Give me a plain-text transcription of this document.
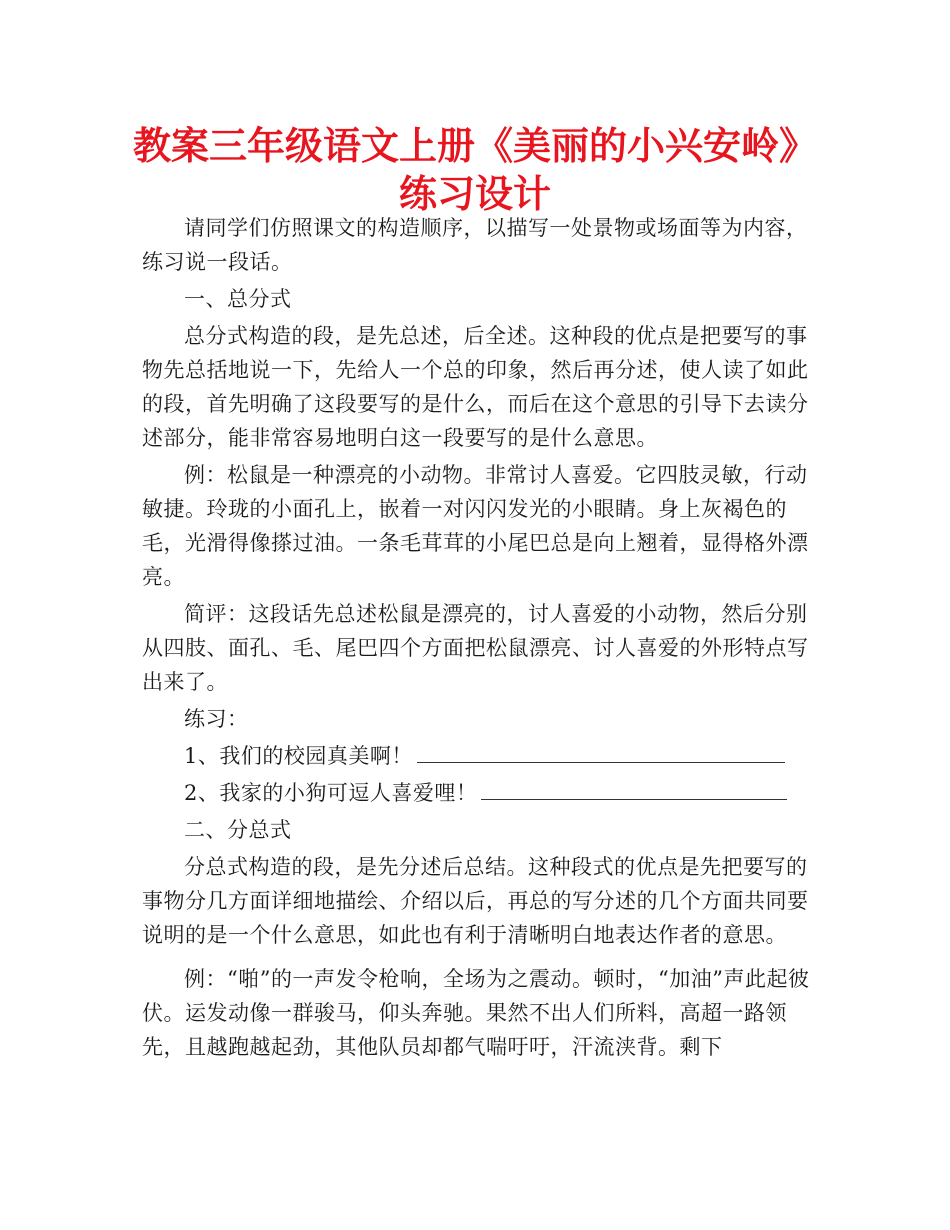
教案三年级语文上册《美丽的小兴安岭》
练习设计

请同学们仿照课文的构造顺序，以描写一处景物或场面等为内容，练习说一段话。

一、总分式

总分式构造的段，是先总述，后全述。这种段的优点是把要写的事物先总括地说一下，先给人一个总的印象，然后再分述，使人读了如此的段，首先明确了这段要写的是什么，而后在这个意思的引导下去读分述部分，能非常容易地明白这一段要写的是什么意思。

例：松鼠是一种漂亮的小动物。非常讨人喜爱。它四肢灵敏，行动敏捷。玲珑的小面孔上，嵌着一对闪闪发光的小眼睛。身上灰褐色的毛，光滑得像搽过油。一条毛茸茸的小尾巴总是向上翘着，显得格外漂亮。

简评：这段话先总述松鼠是漂亮的，讨人喜爱的小动物，然后分别从四肢、面孔、毛、尾巴四个方面把松鼠漂亮、讨人喜爱的外形特点写出来了。

练习：

1、我们的校园真美啊！

2、我家的小狗可逗人喜爱哩！

二、分总式

分总式构造的段，是先分述后总结。这种段式的优点是先把要写的事物分几方面详细地描绘、介绍以后，再总的写分述的几个方面共同要说明的是一个什么意思，如此也有利于清晰明白地表达作者的意思。

例：“啪”的一声发令枪响，全场为之震动。顿时，“加油”声此起彼伏。运发动像一群骏马，仰头奔驰。果然不出人们所料，高超一路领先，且越跑越起劲，其他队员却都气喘吁吁，汗流浃背。剩下
